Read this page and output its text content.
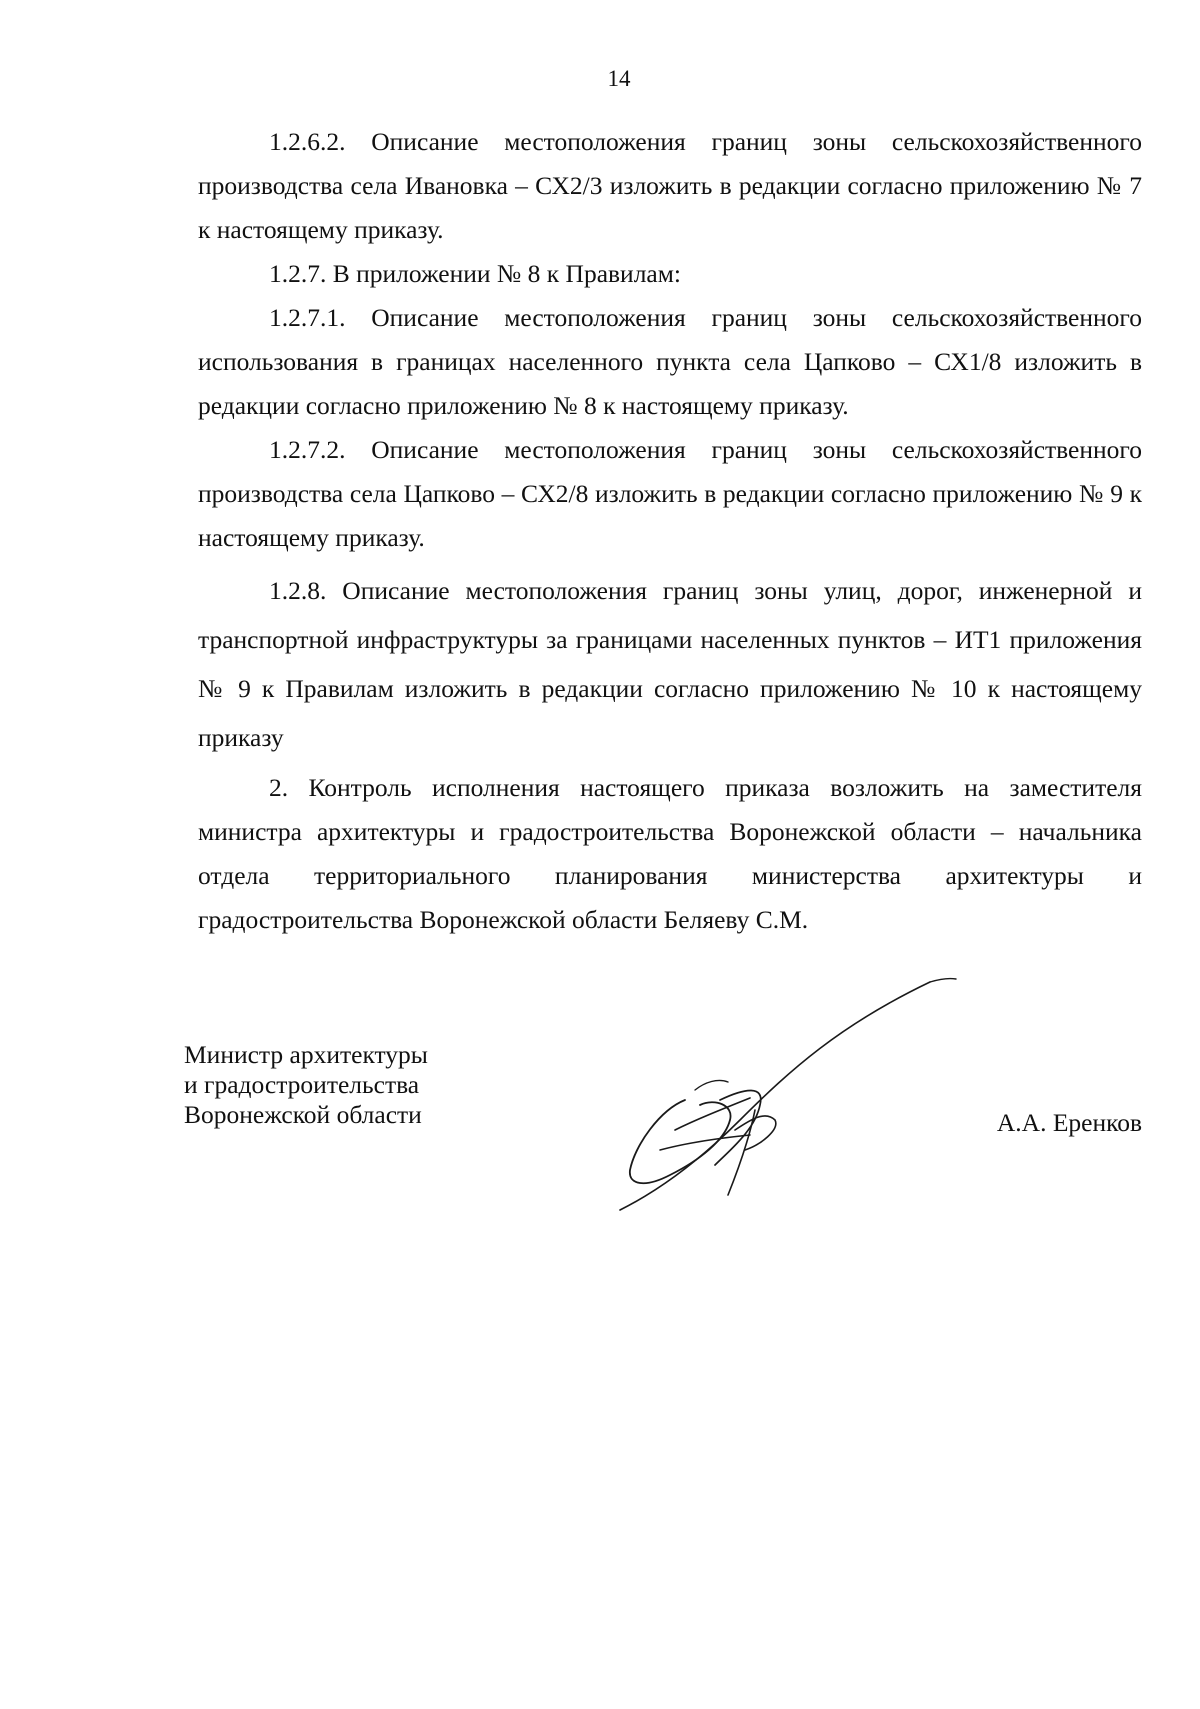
14

1.2.6.2. Описание местоположения границ зоны сельскохозяйственного производства села Ивановка – СХ2/3 изложить в редакции согласно приложению № 7 к настоящему приказу.

1.2.7. В приложении № 8 к Правилам:

1.2.7.1. Описание местоположения границ зоны сельскохозяйственного использования в границах населенного пункта села Цапково – СХ1/8 изложить в редакции согласно приложению № 8 к настоящему приказу.

1.2.7.2. Описание местоположения границ зоны сельскохозяйственного производства села Цапково – СХ2/8 изложить в редакции согласно приложению № 9 к настоящему приказу.

1.2.8. Описание местоположения границ зоны улиц, дорог, инженерной и транспортной инфраструктуры за границами населенных пунктов – ИТ1 приложения № 9 к Правилам изложить в редакции согласно приложению № 10 к настоящему приказу

2. Контроль исполнения настоящего приказа возложить на заместителя министра архитектуры и градостроительства Воронежской области – начальника отдела территориального планирования министерства архитектуры и градостроительства Воронежской области Беляеву С.М.

Министр архитектуры
и градостроительства
Воронежской области	А.А. Еренков
